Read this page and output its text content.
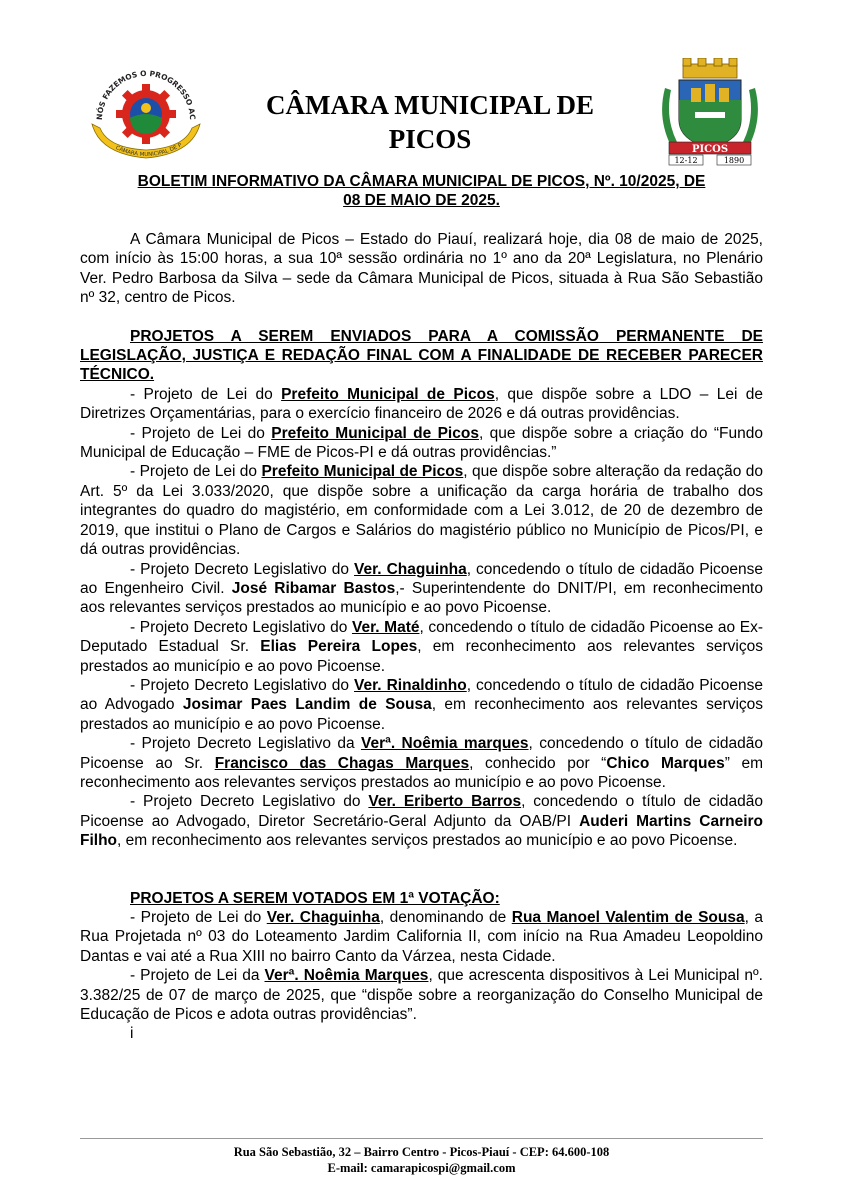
NÓS FAZEMOS O PROGRESSO AC
CÂMARA MUNICIPAL DE P
CÂMARA MUNICIPAL DE
PICOS	PICOS
12-12	1890
BOLETIM INFORMATIVO DA CÂMARA MUNICIPAL DE PICOS, Nº. 10/2025, DE
08 DE MAIO DE 2025.

A Câmara Municipal de Picos – Estado do Piauí, realizará hoje, dia 08 de maio de 2025, com início às 15:00 horas, a sua 10ª sessão ordinária no 1º ano da 20ª Legislatura, no Plenário Ver. Pedro Barbosa da Silva – sede da Câmara Municipal de Picos, situada à Rua São Sebastião nº 32, centro de Picos.

PROJETOS A SEREM ENVIADOS PARA A COMISSÃO PERMANENTE DE LEGISLAÇÃO, JUSTIÇA E REDAÇÃO FINAL COM A FINALIDADE DE RECEBER PARECER TÉCNICO.

- Projeto de Lei do Prefeito Municipal de Picos, que dispõe sobre a LDO – Lei de Diretrizes Orçamentárias, para o exercício financeiro de 2026 e dá outras providências.

- Projeto de Lei do Prefeito Municipal de Picos, que dispõe sobre a criação do “Fundo Municipal de Educação – FME de Picos-PI e dá outras providências.”

- Projeto de Lei do Prefeito Municipal de Picos, que dispõe sobre alteração da redação do Art. 5º da Lei 3.033/2020, que dispõe sobre a unificação da carga horária de trabalho dos integrantes do quadro do magistério, em conformidade com a Lei 3.012, de 20 de dezembro de 2019, que institui o Plano de Cargos e Salários do magistério público no Município de Picos/PI, e dá outras providências.

- Projeto Decreto Legislativo do Ver. Chaguinha, concedendo o título de cidadão Picoense ao Engenheiro Civil. José Ribamar Bastos,- Superintendente do DNIT/PI, em reconhecimento aos relevantes serviços prestados ao município e ao povo Picoense.

- Projeto Decreto Legislativo do Ver. Maté, concedendo o título de cidadão Picoense ao Ex-Deputado Estadual Sr. Elias Pereira Lopes, em reconhecimento aos relevantes serviços prestados ao município e ao povo Picoense.

- Projeto Decreto Legislativo do Ver. Rinaldinho, concedendo o título de cidadão Picoense ao Advogado Josimar Paes Landim de Sousa, em reconhecimento aos relevantes serviços prestados ao município e ao povo Picoense.

- Projeto Decreto Legislativo da Verª. Noêmia marques, concedendo o título de cidadão Picoense ao Sr. Francisco das Chagas Marques, conhecido por “Chico Marques” em reconhecimento aos relevantes serviços prestados ao município e ao povo Picoense.

- Projeto Decreto Legislativo do Ver. Eriberto Barros, concedendo o título de cidadão Picoense ao Advogado, Diretor Secretário-Geral Adjunto da OAB/PI Auderi Martins Carneiro Filho, em reconhecimento aos relevantes serviços prestados ao município e ao povo Picoense.

PROJETOS A SEREM VOTADOS EM 1ª VOTAÇÃO:

- Projeto de Lei do Ver. Chaguinha, denominando de Rua Manoel Valentim de Sousa, a Rua Projetada nº 03 do Loteamento Jardim California II, com início na Rua Amadeu Leopoldino Dantas e vai até a Rua XIII no bairro Canto da Várzea, nesta Cidade.

- Projeto de Lei da Verª. Noêmia Marques, que acrescenta dispositivos à Lei Municipal nº. 3.382/25 de 07 de março de 2025, que “dispõe sobre a reorganização do Conselho Municipal de Educação de Picos e adota outras providências”.

i

Rua São Sebastião, 32 – Bairro Centro - Picos-Piauí - CEP: 64.600-108
E-mail: camarapicospi@gmail.com
